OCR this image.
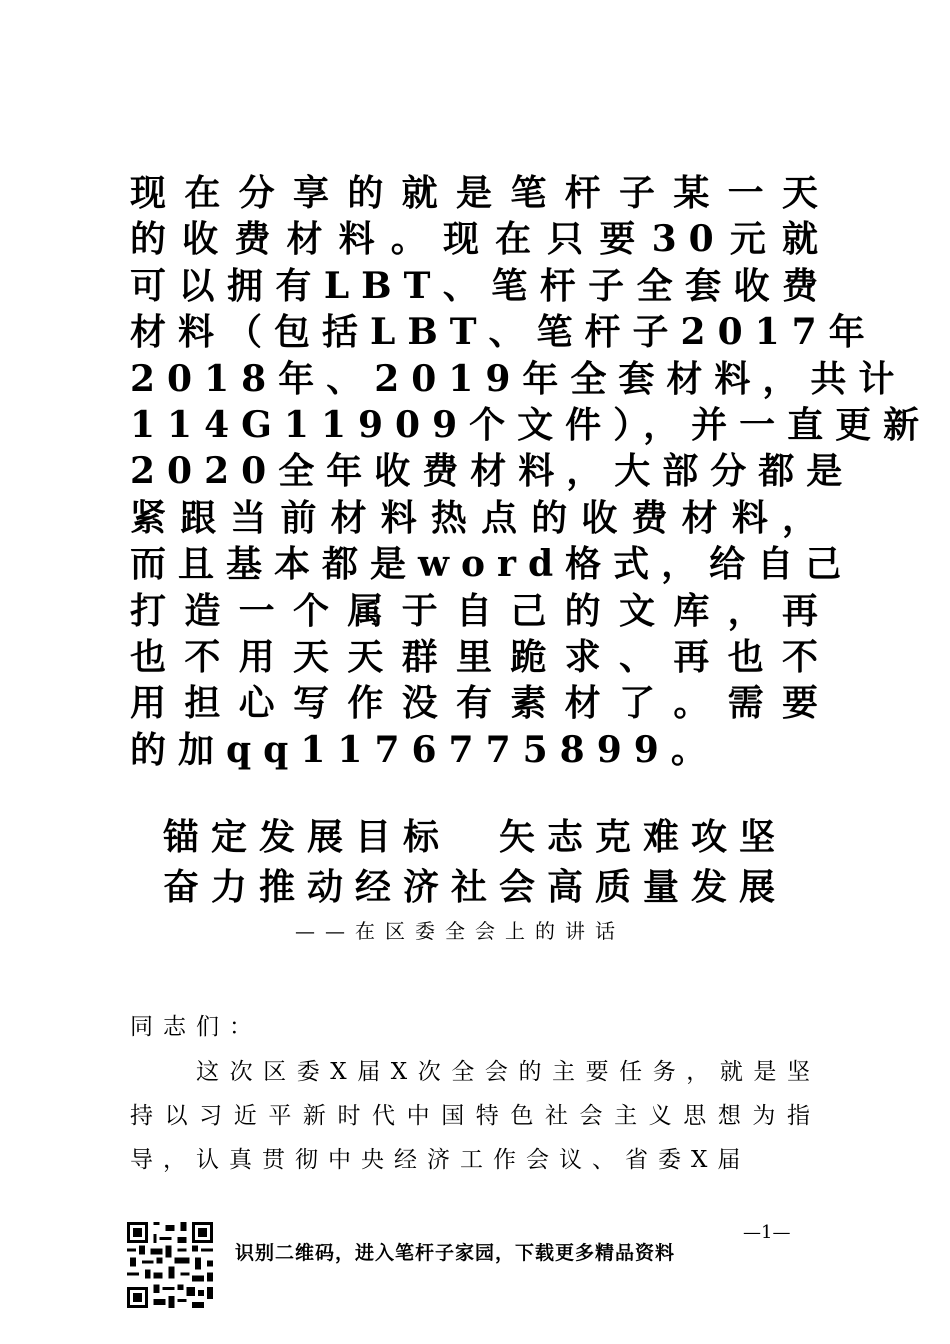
现在分享的就是笔杆子某一天
的收费材料。现在只要30元就
可以拥有LBT、笔杆子全套收费
材料（包括LBT、笔杆子2017年
2018年、2019年全套材料，共计
114G11909个文件），并一直更新
2020全年收费材料，大部分都是
紧跟当前材料热点的收费材料，
而且基本都是word格式，给自己
打造一个属于自己的文库，再
也不用天天群里跪求、再也不
用担心写作没有素材了。需要
的加qq1176775899。
锚定发展目标　矢志克难攻坚
奋力推动经济社会高质量发展
——在区委全会上的讲话
同志们：
这次区委X届X次全会的主要任务，就是坚持以习近平新时代中国特色社会主义思想为指导，认真贯彻中央经济工作会议、省委X届
识别二维码，进入笔杆子家园，下载更多精品资料
—1—
